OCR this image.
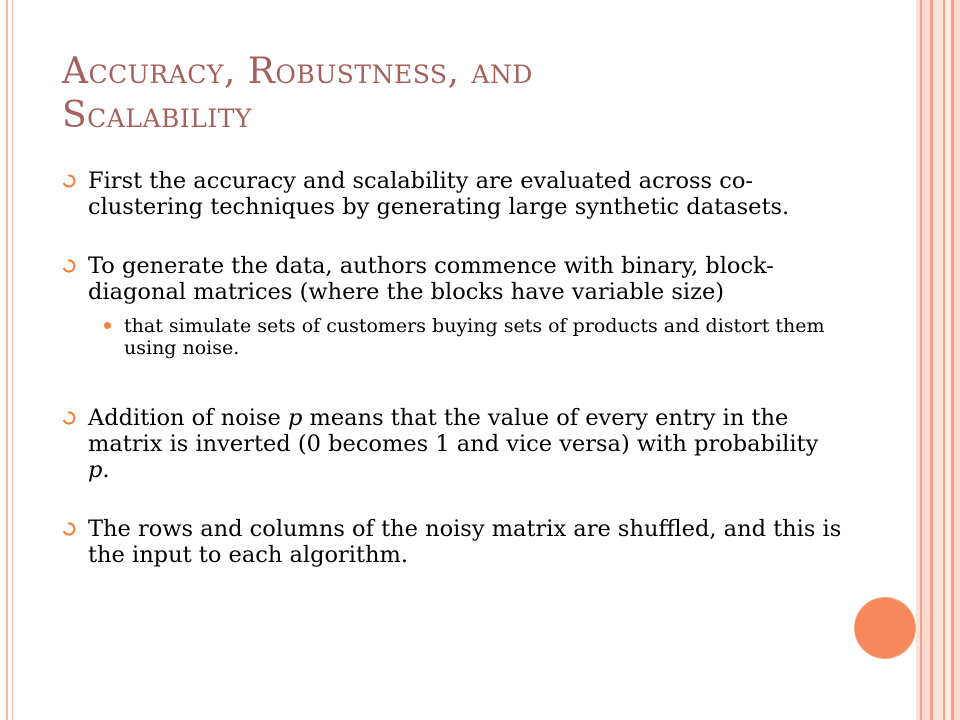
Accuracy, Robustness, and
Scalability
First the accuracy and scalability are evaluated across co-clustering techniques by generating large synthetic datasets.
To generate the data, authors commence with binary, block-diagonal matrices (where the blocks have variable size)
that simulate sets of customers buying sets of products and distort them using noise.
Addition of noise p means that the value of every entry in the matrix is inverted (0 becomes 1 and vice versa) with probability p.
The rows and columns of the noisy matrix are shuffled, and this is the input to each algorithm.
